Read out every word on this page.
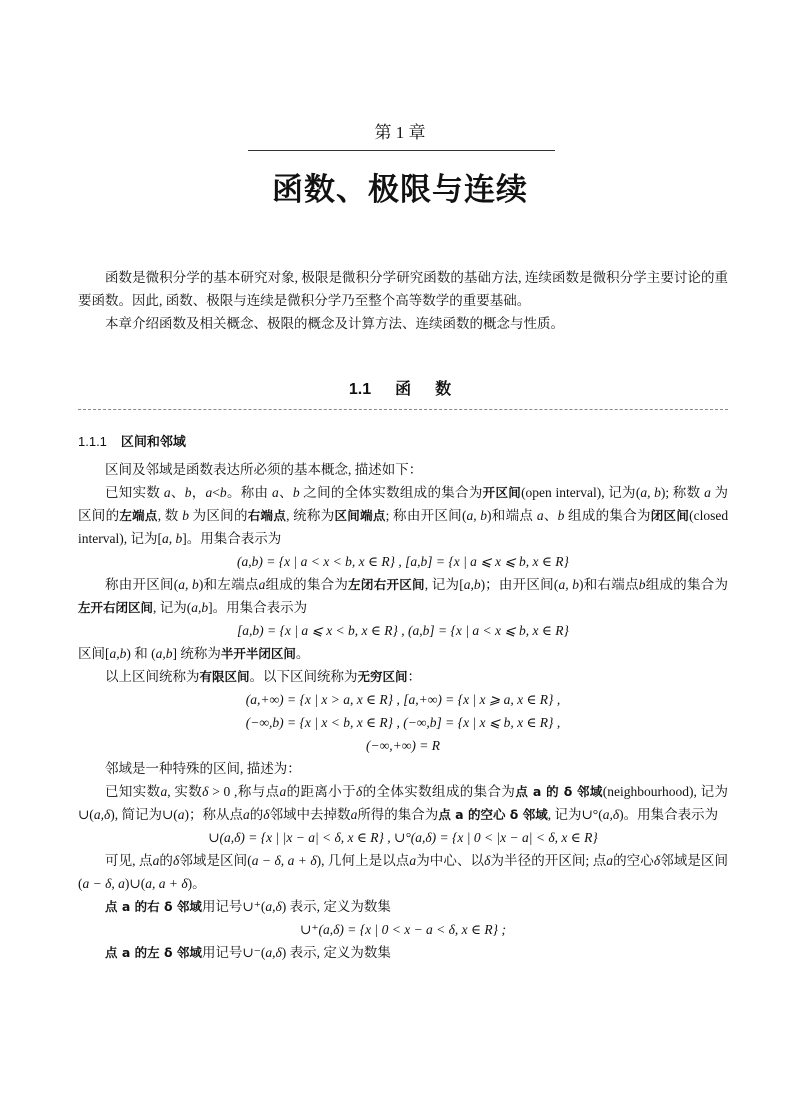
第 1 章
函数、极限与连续
函数是微积分学的基本研究对象, 极限是微积分学研究函数的基础方法, 连续函数是微积分学主要讨论的重要函数。因此, 函数、极限与连续是微积分学乃至整个高等数学的重要基础。
本章介绍函数及相关概念、极限的概念及计算方法、连续函数的概念与性质。
1.1 函 数
1.1.1 区间和邻域
区间及邻域是函数表达所必须的基本概念, 描述如下：
已知实数 a、b，a<b。称由 a、b 之间的全体实数组成的集合为开区间(open interval), 记为(a, b); 称数 a 为区间的左端点, 数 b 为区间的右端点, 统称为区间端点; 称由开区间(a, b)和端点 a、b 组成的集合为闭区间(closed interval), 记为[a, b]。用集合表示为
(a,b) = {x | a < x < b, x ∈ R} , [a,b] = {x | a ⩽ x ⩽ b, x ∈ R}
称由开区间(a, b)和左端点a组成的集合为左闭右开区间, 记为[a,b)；由开区间(a, b)和右端点b组成的集合为左开右闭区间, 记为(a,b]。用集合表示为
[a,b) = {x | a ⩽ x < b, x ∈ R} , (a,b] = {x | a < x ⩽ b, x ∈ R}
区间[a,b) 和 (a,b] 统称为半开半闭区间。
以上区间统称为有限区间。以下区间统称为无穷区间：
(a,+∞) = {x | x > a, x ∈ R} , [a,+∞) = {x | x ⩾ a, x ∈ R} ,
(−∞,b) = {x | x < b, x ∈ R} , (−∞,b] = {x | x ⩽ b, x ∈ R} ,
(−∞,+∞) = R
邻域是一种特殊的区间, 描述为：
已知实数a, 实数δ > 0 ,称与点a的距离小于δ的全体实数组成的集合为点 a 的 δ 邻域(neighbourhood), 记为∪(a,δ), 简记为∪(a)；称从点a的δ邻域中去掉数a所得的集合为点 a 的空心 δ 邻域, 记为∪°(a,δ)。用集合表示为
∪(a,δ) = {x | |x − a| < δ, x ∈ R} , ∪°(a,δ) = {x | 0 < |x − a| < δ, x ∈ R}
可见, 点a的δ邻域是区间(a − δ, a + δ), 几何上是以点a为中心、以δ为半径的开区间; 点a的空心δ邻域是区间(a − δ, a)∪(a, a + δ)。
点 a 的右 δ 邻域用记号∪⁺(a,δ) 表示, 定义为数集
∪⁺(a,δ) = {x | 0 < x − a < δ, x ∈ R} ;
点 a 的左 δ 邻域用记号∪⁻(a,δ) 表示, 定义为数集
